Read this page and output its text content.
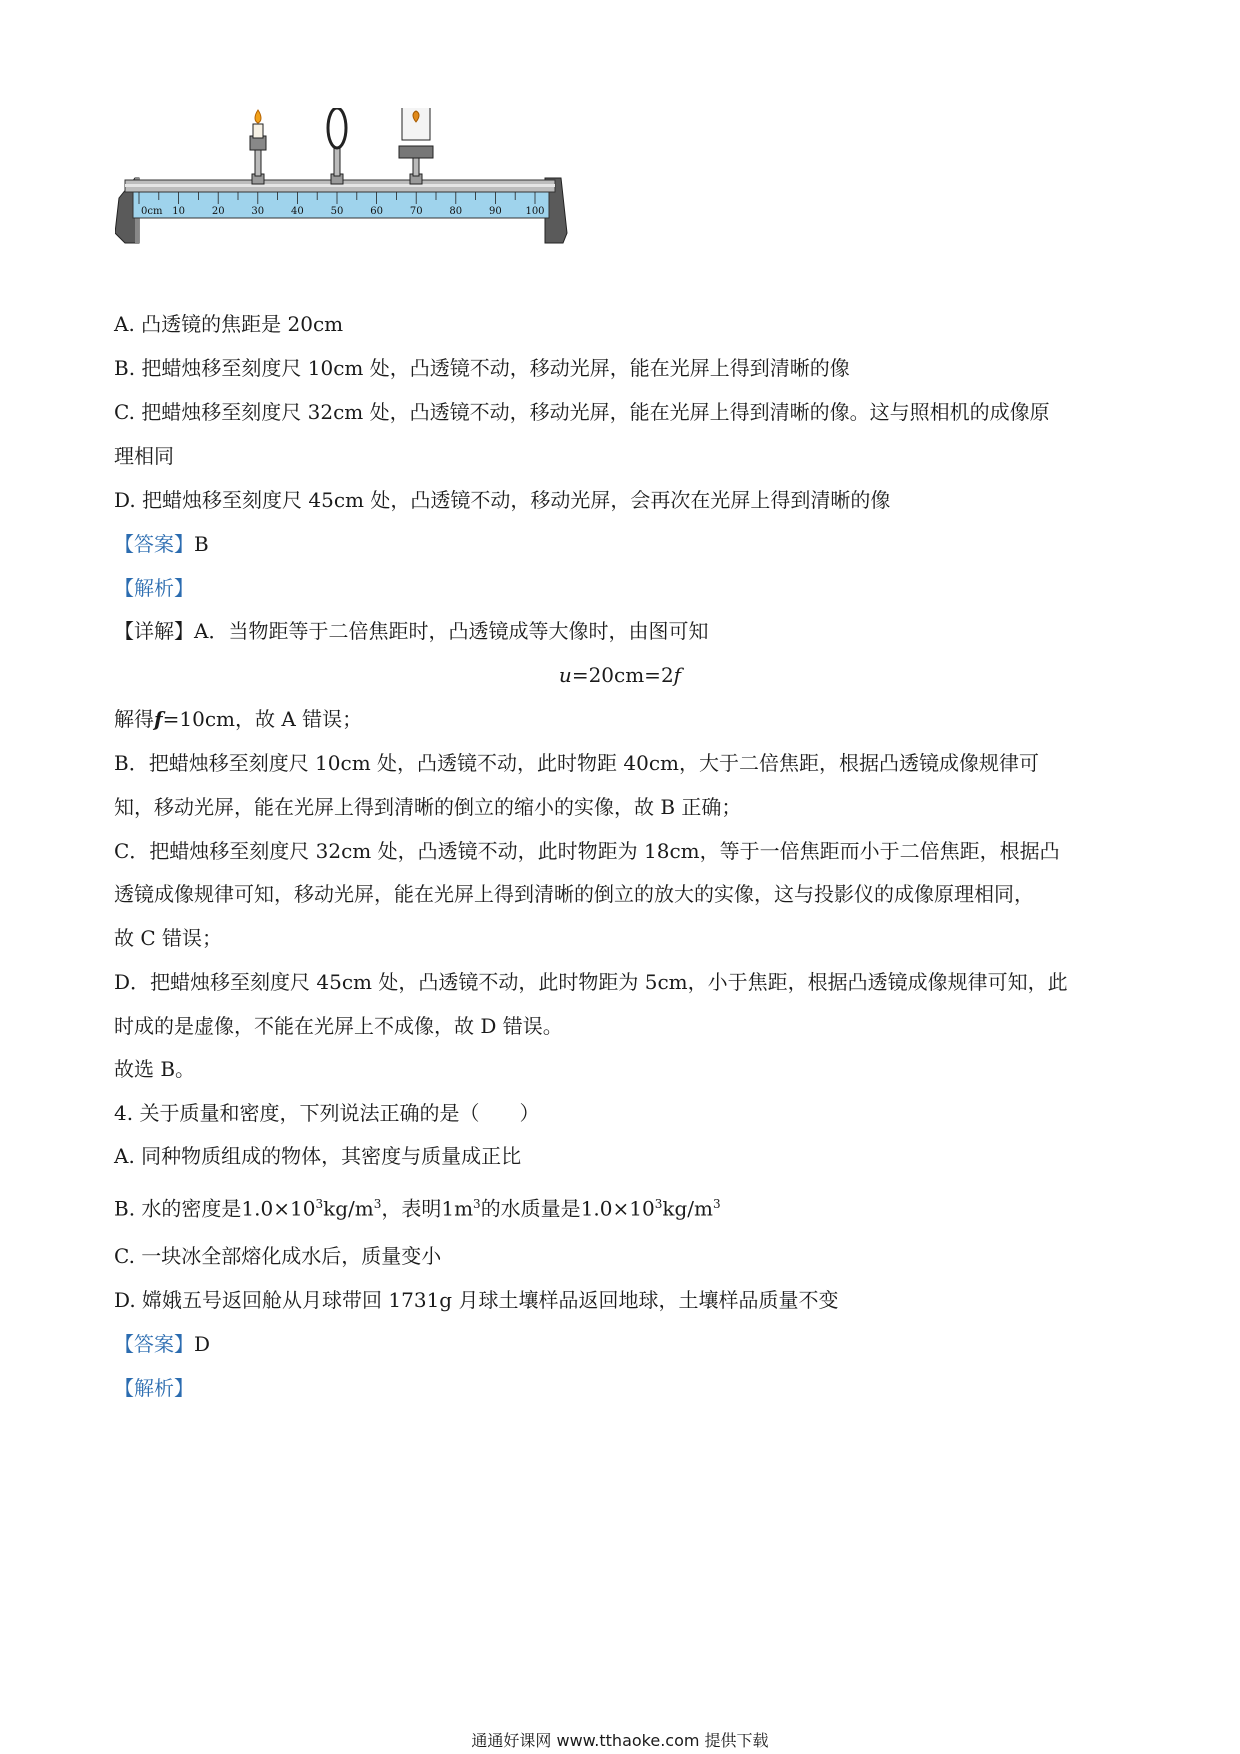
0cm 10	20	30	40	50	60	70	80	90 100
A. 凸透镜的焦距是 20cm
B. 把蜡烛移至刻度尺 10cm 处，凸透镜不动，移动光屏，能在光屏上得到清晰的像
C. 把蜡烛移至刻度尺 32cm 处，凸透镜不动，移动光屏，能在光屏上得到清晰的像。这与照相机的成像原
理相同
D. 把蜡烛移至刻度尺 45cm 处，凸透镜不动，移动光屏，会再次在光屏上得到清晰的像
【答案】B
【解析】
【详解】A．当物距等于二倍焦距时，凸透镜成等大像时，由图可知
u=20cm=2f
解得f=10cm，故 A 错误；
B．把蜡烛移至刻度尺 10cm 处，凸透镜不动，此时物距 40cm，大于二倍焦距，根据凸透镜成像规律可
知，移动光屏，能在光屏上得到清晰的倒立的缩小的实像，故 B 正确；
C．把蜡烛移至刻度尺 32cm 处，凸透镜不动，此时物距为 18cm，等于一倍焦距而小于二倍焦距，根据凸
透镜成像规律可知，移动光屏，能在光屏上得到清晰的倒立的放大的实像，这与投影仪的成像原理相同，
故 C 错误；
D．把蜡烛移至刻度尺 45cm 处，凸透镜不动，此时物距为 5cm，小于焦距，根据凸透镜成像规律可知，此
时成的是虚像，不能在光屏上不成像，故 D 错误。
故选 B。
4. 关于质量和密度，下列说法正确的是（　　）
A. 同种物质组成的物体，其密度与质量成正比
B. 水的密度是$1.0\times 10^3kg/m^3$，表明$1m^3$的水质量是$1.0\times 10^3kg/m^3$
C. 一块冰全部熔化成水后，质量变小
D. 嫦娥五号返回舱从月球带回 1731g 月球土壤样品返回地球，土壤样品质量不变
【答案】D
【解析】
通通好课网 www.tthaoke.com 提供下载
